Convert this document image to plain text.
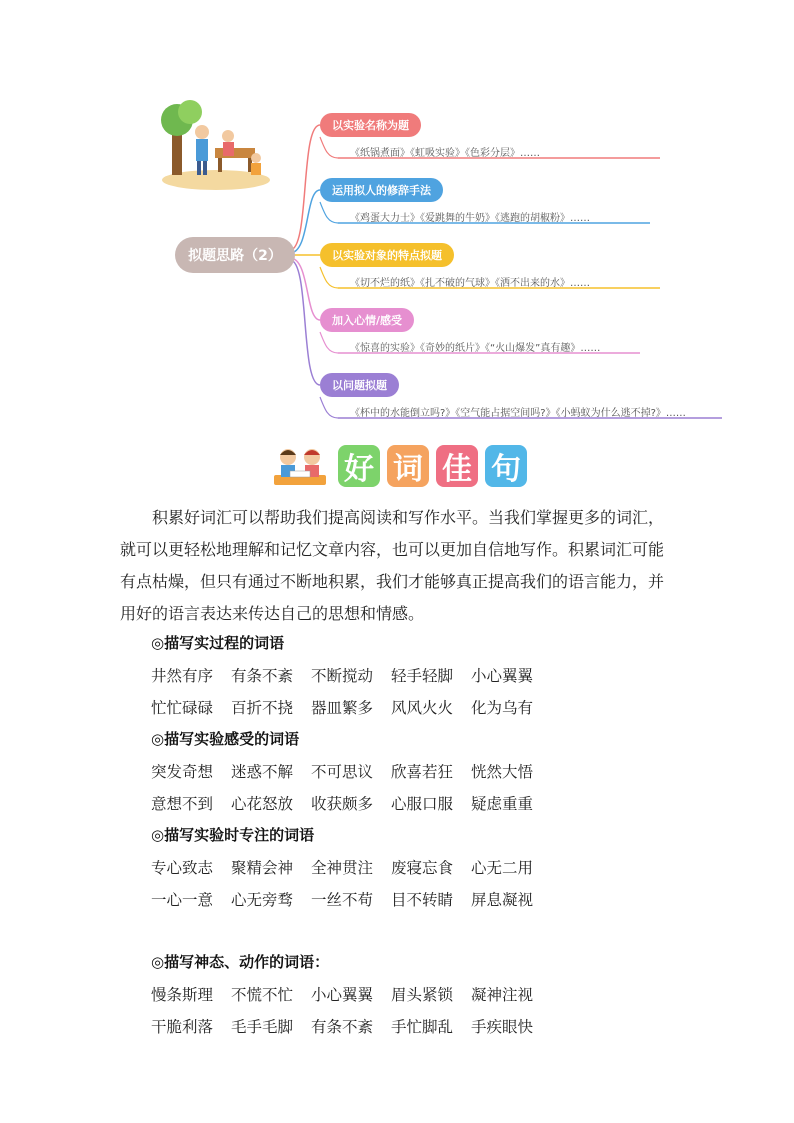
拟题思路（2）
以实验名称为题
《纸锅煮面》《虹吸实验》《色彩分层》……
运用拟人的修辞手法
《鸡蛋大力士》《爱跳舞的牛奶》《逃跑的胡椒粉》……
以实验对象的特点拟题
《切不烂的纸》《扎不破的气球》《洒不出来的水》……
加入心情/感受
《惊喜的实验》《奇妙的纸片》《“火山爆发”真有趣》……
以问题拟题
《杯中的水能倒立吗?》《空气能占据空间吗?》《小蚂蚁为什么逃不掉?》……
好 词 佳 句

积累好词汇可以帮助我们提高阅读和写作水平。当我们掌握更多的词汇，就可以更轻松地理解和记忆文章内容，也可以更加自信地写作。积累词汇可能有点枯燥，但只有通过不断地积累，我们才能够真正提高我们的语言能力，并用好的语言表达来传达自己的思想和情感。

◎描写实过程的词语
井然有序 有条不紊 不断搅动 轻手轻脚 小心翼翼
忙忙碌碌 百折不挠 器皿繁多 风风火火 化为乌有
◎描写实验感受的词语
突发奇想 迷惑不解 不可思议 欣喜若狂 恍然大悟
意想不到 心花怒放 收获颇多 心服口服 疑虑重重
◎描写实验时专注的词语
专心致志 聚精会神 全神贯注 废寝忘食 心无二用
一心一意 心无旁骛 一丝不苟 目不转睛 屏息凝视
◎描写神态、动作的词语：
慢条斯理 不慌不忙 小心翼翼 眉头紧锁 凝神注视
干脆利落 毛手毛脚 有条不紊 手忙脚乱 手疾眼快
